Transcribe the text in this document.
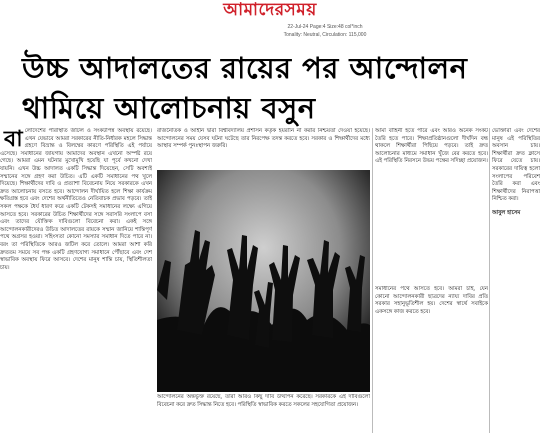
আমাদেরসময়
22-Jul-24 Page:4 Size:48 col*inch
Tonality: Neutral, Circulation: 115,000
উচ্চ আদালতের রায়ের পর আন্দোলন
থামিয়ে আলোচনায় বসুন
বালোদেশের পরিস্থিতি জটিল ও সংকটাপন্ন অবস্থায় রয়েছে। এখন যেভাবে আমরা সরকারের নীতি-নির্ধারক মহলে সিদ্ধান্ত গ্রহণে বিভ্রান্ত ও বিলম্বের কারণে পরিস্থিতি এই পর্যায়ে এসেছে। সমাধানের জায়গায় আমাদের অবস্থান এখনো অস্পষ্ট রয়ে গেছে। আমরা এমন ঘটনার মুখোমুখি হয়েছি যা পূর্বে কখনো দেখা যায়নি। এখন উচ্চ আদালত একটি সিদ্ধান্ত দিয়েছেন, সেটি অবশ্যই সম্মানের সঙ্গে গ্রহণ করা উচিত। এটি একটি সমাধানের পথ খুলে দিয়েছে। শিক্ষার্থীদের দাবি ও প্রত্যাশা বিবেচনায় নিয়ে সরকারকে এখন দ্রুত আলোচনায় বসতে হবে। আন্দোলন দীর্ঘায়িত হলে শিক্ষা কার্যক্রম ক্ষতিগ্রস্ত হবে এবং দেশের অর্থনীতিতেও নেতিবাচক প্রভাব পড়বে। তাই সকল পক্ষকে ধৈর্য ধারণ করে একটি টেকসই সমাধানের লক্ষ্যে এগিয়ে আসতে হবে। সরকারের উচিত শিক্ষার্থীদের সঙ্গে সরাসরি সংলাপে বসা এবং তাদের যৌক্তিক দাবিগুলো বিবেচনা করা। একই সঙ্গে আন্দোলনকারীদেরও উচিত আদালতের রায়কে সম্মান জানিয়ে শান্তিপূর্ণ পথে অগ্রসর হওয়া। সহিংসতা কোনো সমস্যার সমাধান দিতে পারে না। বরং তা পরিস্থিতিকে আরও জটিল করে তোলে। আমরা আশা করি দ্রুততম সময়ে সব পক্ষ একটি গ্রহণযোগ্য সমাধানে পৌঁছাবে এবং দেশ স্বাভাবিক অবস্থায় ফিরে আসবে। দেশের মানুষ শান্তি চায়, স্থিতিশীলতা চায়।
রাজনৈতিক ও আইনি দ্বারা বিশ্ববিদ্যালয় প্রশাসন কর্তৃক হয়রানি না করার নিশ্চয়তা দেওয়া হয়েছে। আন্দোলনের সময় যেসব ঘটনা ঘটেছে তার নিরপেক্ষ তদন্ত করতে হবে। সরকার ও শিক্ষার্থীদের মধ্যে আস্থার সম্পর্ক পুনঃস্থাপন জরুরি।
আন্দোলনের অন্তর্ভুক্ত রয়েছে, তারা আরও কিছু দাবি উত্থাপন করেছে। সরকারকে এই দাবিগুলো বিবেচনা করে দ্রুত সিদ্ধান্ত নিতে হবে। পরিস্থিতি স্বাভাবিক করতে সকলের সহযোগিতা প্রয়োজন।
আমা বাহিনী হতে পারে এবং আরও অনেক সংকট তৈরি হতে পারে। শিক্ষাপ্রতিষ্ঠানগুলো দীর্ঘদিন বন্ধ থাকলে শিক্ষার্থীরা পিছিয়ে পড়বে। তাই দ্রুত আলোচনার মাধ্যমে সমাধান খুঁজে বের করতে হবে। এই পরিস্থিতি নিরসনে উভয় পক্ষের সদিচ্ছা প্রয়োজন।
সমাধানের পথে আসতে হবে। আমরা চাই, যেন কোনো আন্দোলনকারী ছাত্রদের ন্যায্য দাবির প্রতি সরকার সহানুভূতিশীল হয়। দেশের স্বার্থে সবাইকে একসঙ্গে কাজ করতে হবে।
ভোক্তারা এবং দেশের মানুষ এই পরিস্থিতির অবসান চায়। শিক্ষার্থীরা দ্রুত ক্লাসে ফিরে যেতে চায়। সরকারের দায়িত্ব হলো সংলাপের পরিবেশ তৈরি করা এবং শিক্ষার্থীদের নিরাপত্তা নিশ্চিত করা।
আবুল হাসেম
